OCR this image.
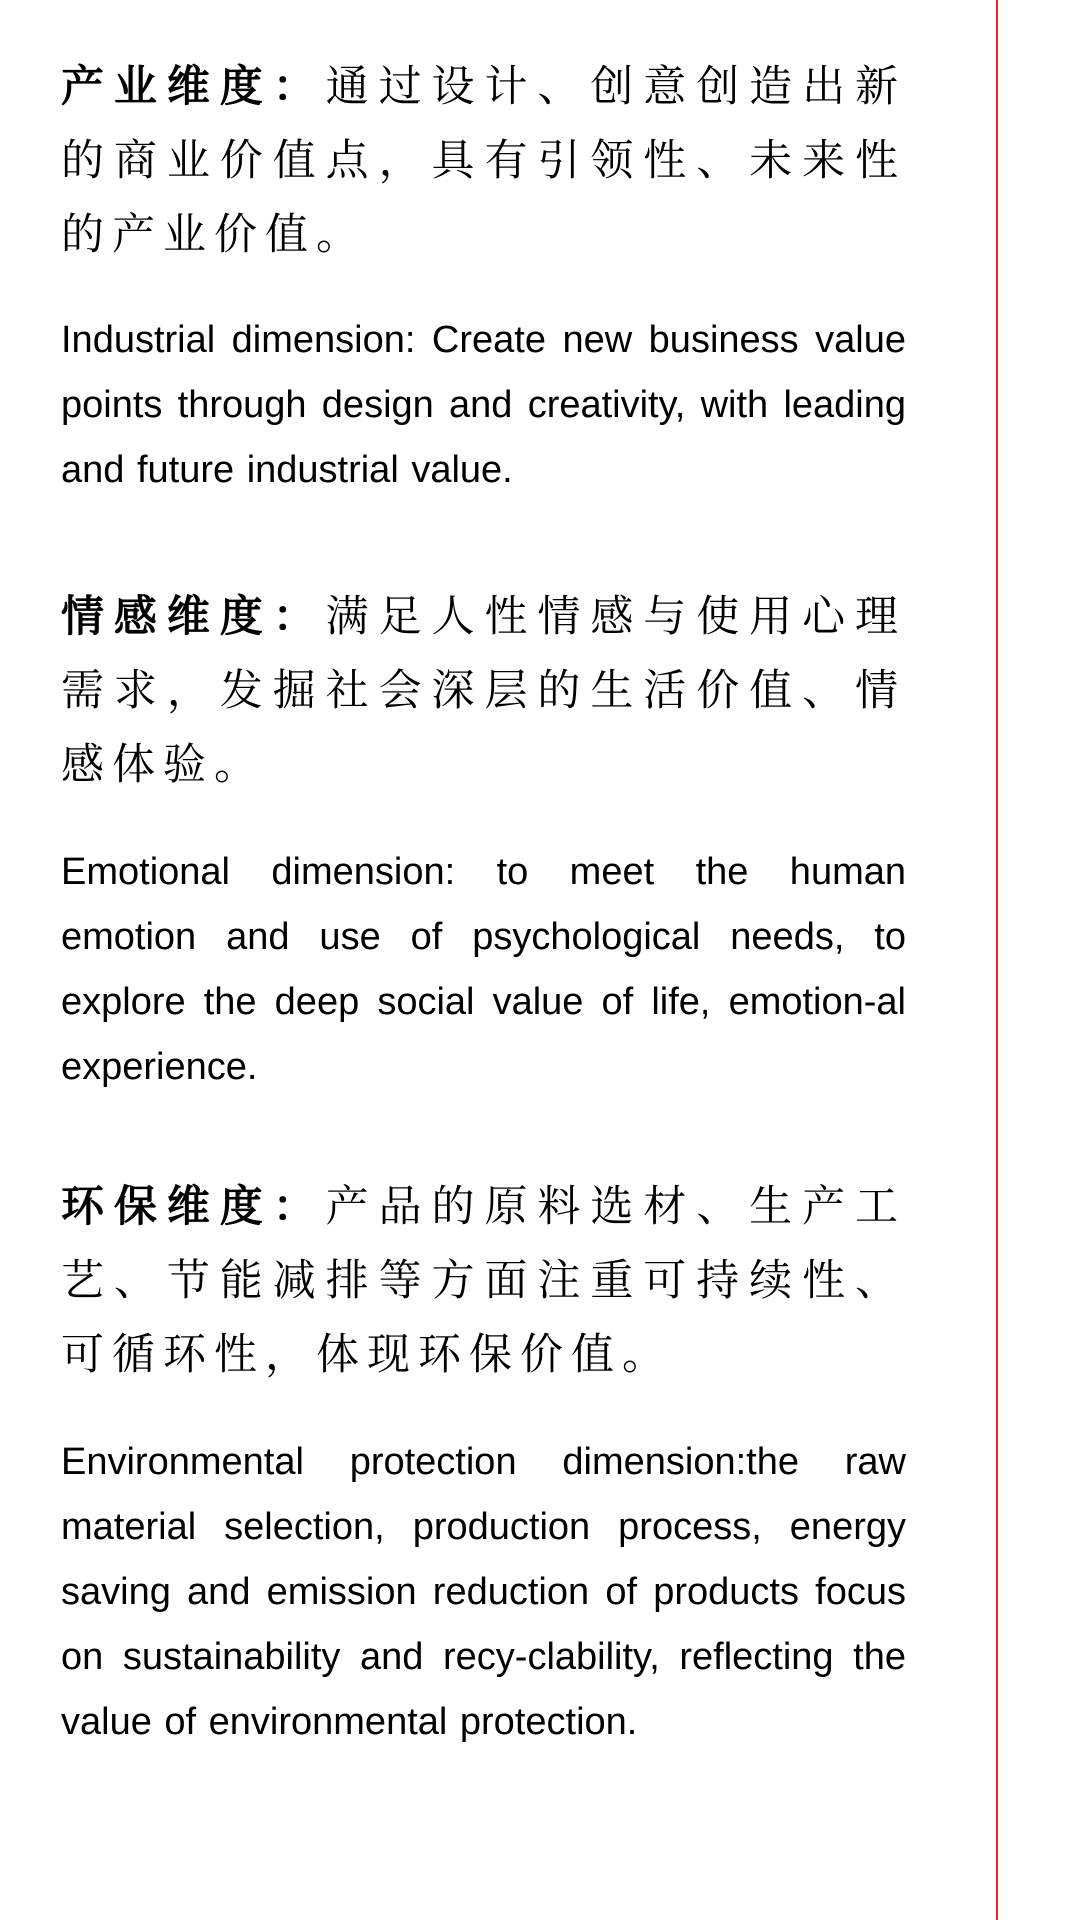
产业维度：通过设计、创意创造出新的商业价值点，具有引领性、未来性的产业价值。

Industrial dimension: Create new business value points through design and creativity, with leading and future industrial value.

情感维度：满足人性情感与使用心理需求，发掘社会深层的生活价值、情感体验。

Emotional dimension: to meet the human emotion and use of psychological needs, to explore the deep social value of life, emotion-al experience.

环保维度：产品的原料选材、生产工艺、节能减排等方面注重可持续性、可循环性，体现环保价值。

Environmental protection dimension:the raw material selection, production process, energy saving and emission reduction of products focus on sustainability and recy-clability, reflecting the value of environmental protection.
